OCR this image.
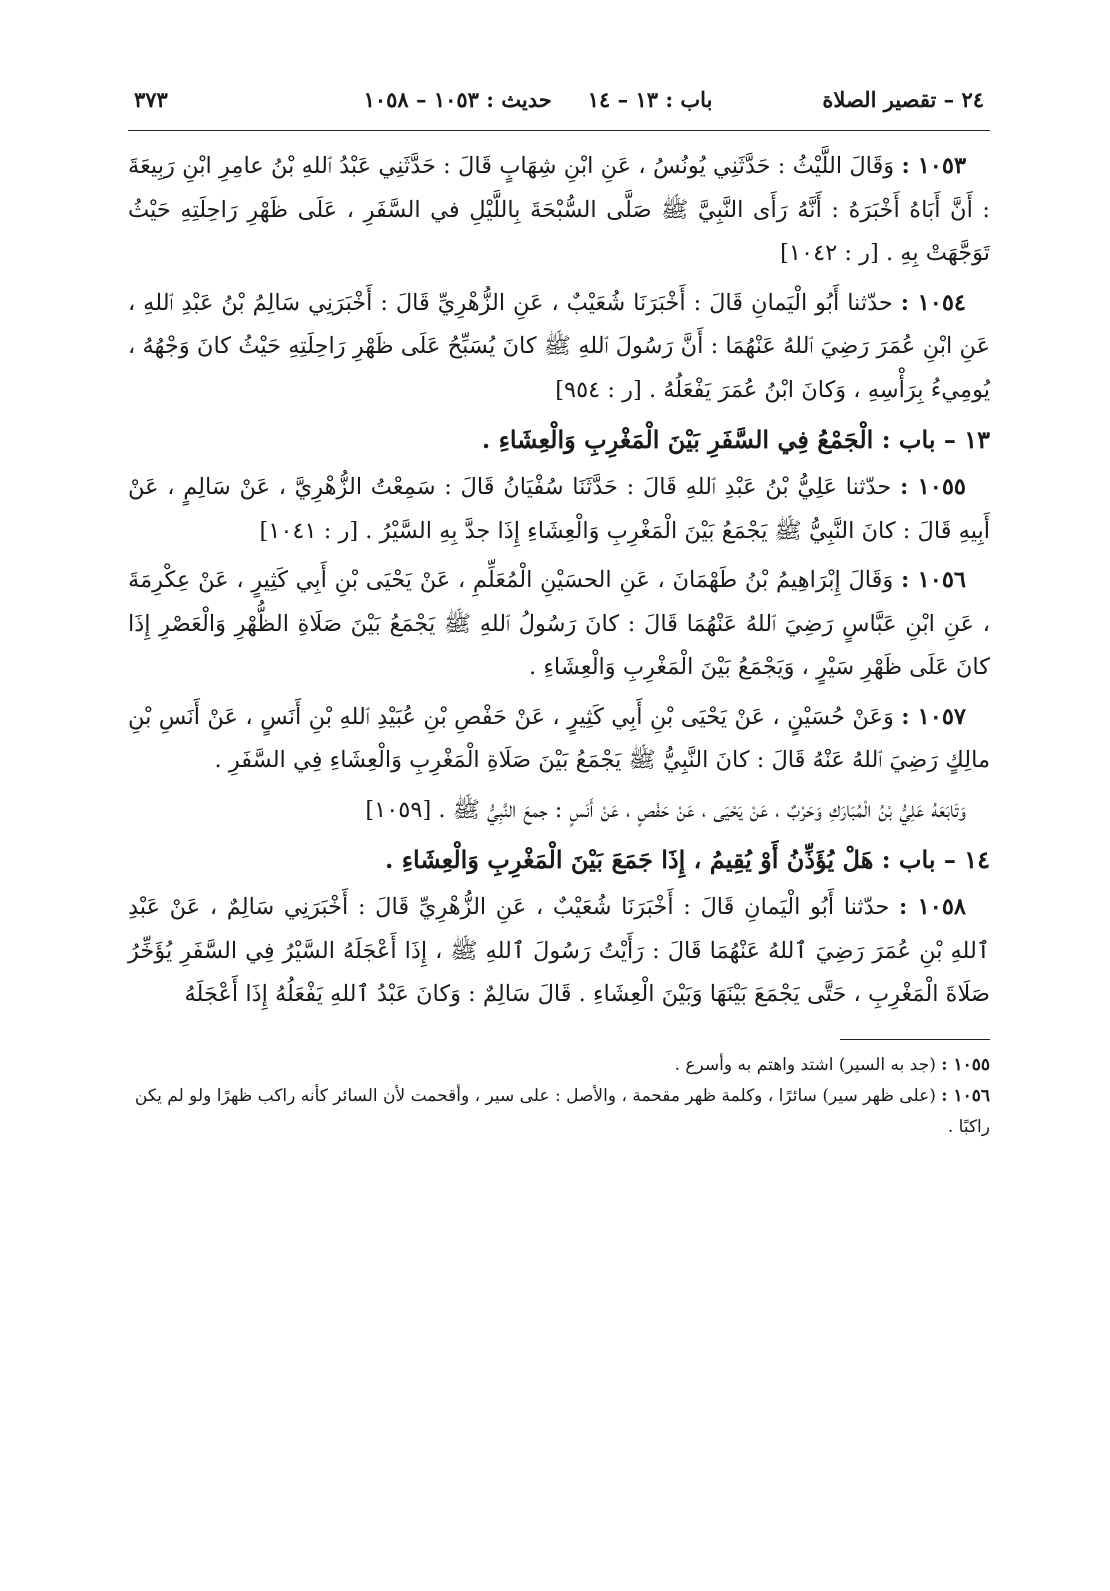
٢٤ – تقصير الصلاة
باب : ١٣ – ١٤
حديث : ١٠٥٣ – ١٠٥٨
٣٧٣

١٠٥٣ : وَقَالَ اللَّيْثُ : حَدَّثَنِي يُونُسُ ، عَنِ ابْنِ شِهَابٍ قَالَ : حَدَّثَنِي عَبْدُ ٱللهِ بْنُ عامِرِ ابْنِ رَبِيعَةَ : أَنَّ أَبَاهُ أَخْبَرَهُ : أَنَّهُ رَأَى النَّبِيَّ ﷺ صَلَّى السُّبْحَةَ بِاللَّيْلِ في السَّفَرِ ، عَلَى ظَهْرِ رَاحِلَتِهِ حَيْثُ تَوَجَّهَتْ بِهِ . [ر : ١٠٤٢]

١٠٥٤ : حدّثنا أَبُو الْيَمانِ قَالَ : أَخْبَرَنَا شُعَيْبٌ ، عَنِ الزُّهْرِيِّ قَالَ : أَخْبَرَنِي سَالِمُ بْنُ عَبْدِ ٱللهِ ، عَنِ ابْنِ عُمَرَ رَضِيَ ٱللهُ عَنْهُمَا : أَنَّ رَسُولَ ٱللهِ ﷺ كانَ يُسَبِّحُ عَلَى ظَهْرِ رَاحِلَتِهِ حَيْثُ كانَ وَجْهُهُ ، يُومِيءُ بِرَأْسِهِ ، وَكانَ ابْنُ عُمَرَ يَفْعَلُهُ . [ر : ٩٥٤]

١٣ – باب : الْجَمْعُ فِي السَّفَرِ بَيْنَ الْمَغْرِبِ وَالْعِشَاءِ .

١٠٥٥ : حدّثنا عَلِيُّ بْنُ عَبْدِ ٱللهِ قَالَ : حَدَّثَنَا سُفْيَانُ قَالَ : سَمِعْتُ الزُّهْرِيَّ ، عَنْ سَالِمٍ ، عَنْ أَبِيهِ قَالَ : كانَ النَّبِيُّ ﷺ يَجْمَعُ بَيْنَ الْمَغْرِبِ وَالْعِشَاءِ إِذَا جدَّ بِهِ السَّيْرُ . [ر : ١٠٤١]

١٠٥٦ : وَقَالَ إِبْرَاهِيمُ بْنُ طَهْمَانَ ، عَنِ الحسَيْنِ الْمُعَلِّمِ ، عَنْ يَحْيَى بْنِ أَبِي كَثِيرٍ ، عَنْ عِكْرِمَةَ ، عَنِ ابْنِ عَبَّاسٍ رَضِيَ ٱللهُ عَنْهُمَا قَالَ : كانَ رَسُولُ ٱللهِ ﷺ يَجْمَعُ بَيْنَ صَلَاةِ الظُّهْرِ وَالْعَصْرِ إِذَا كانَ عَلَى ظَهْرِ سَيْرٍ ، وَيَجْمَعُ بَيْنَ الْمَغْرِبِ وَالْعِشَاءِ .

١٠٥٧ : وَعَنْ حُسَيْنٍ ، عَنْ يَحْيَى بْنِ أَبِي كَثِيرٍ ، عَنْ حَفْصِ بْنِ عُبَيْدِ ٱللهِ بْنِ أَنَسٍ ، عَنْ أَنَسِ بْنِ مالِكٍ رَضِيَ ٱللهُ عَنْهُ قَالَ : كانَ النَّبِيُّ ﷺ يَجْمَعُ بَيْنَ صَلَاةِ الْمَغْرِبِ وَالْعِشَاءِ فِي السَّفَرِ .

وَتَابَعَهُ عَلِيُّ بْنُ الْمُبَارَكِ وَحَرْبٌ ، عَنْ يَحْيَى ، عَنْ حَفْصٍ ، عَنْ أَنَسٍ : جمعَ النَّبِيُّ ﷺ . [١٠٥٩]

١٤ – باب : هَلْ يُؤَذِّنُ أَوْ يُقِيمُ ، إِذَا جَمَعَ بَيْنَ الْمَغْرِبِ وَالْعِشَاءِ .

١٠٥٨ : حدّثنا أَبُو الْيَمانِ قَالَ : أَخْبَرَنَا شُعَيْبٌ ، عَنِ الزُّهْرِيِّ قَالَ : أَخْبَرَنِي سَالِمٌ ، عَنْ عَبْدِ ٱللهِ بْنِ عُمَرَ رَضِيَ ٱللهُ عَنْهُمَا قَالَ : رَأَيْتُ رَسُولَ ٱللهِ ﷺ ، إِذَا أَعْجَلَهُ السَّيْرُ فِي السَّفَرِ يُؤَخِّرُ صَلَاةَ الْمَغْرِبِ ، حَتَّى يَجْمَعَ بَيْنَهَا وَبَيْنَ الْعِشَاءِ . قَالَ سَالِمٌ : وَكانَ عَبْدُ ٱللهِ يَفْعَلُهُ إِذَا أَعْجَلَهُ

١٠٥٥ : (جد به السير) اشتد واهتم به وأسرع .

١٠٥٦ : (على ظهر سير) سائرًا ، وكلمة ظهر مقحمة ، والأصل : على سير ، وأقحمت لأن السائر كأنه راكب ظهرًا ولو لم يكن راكبًا .
